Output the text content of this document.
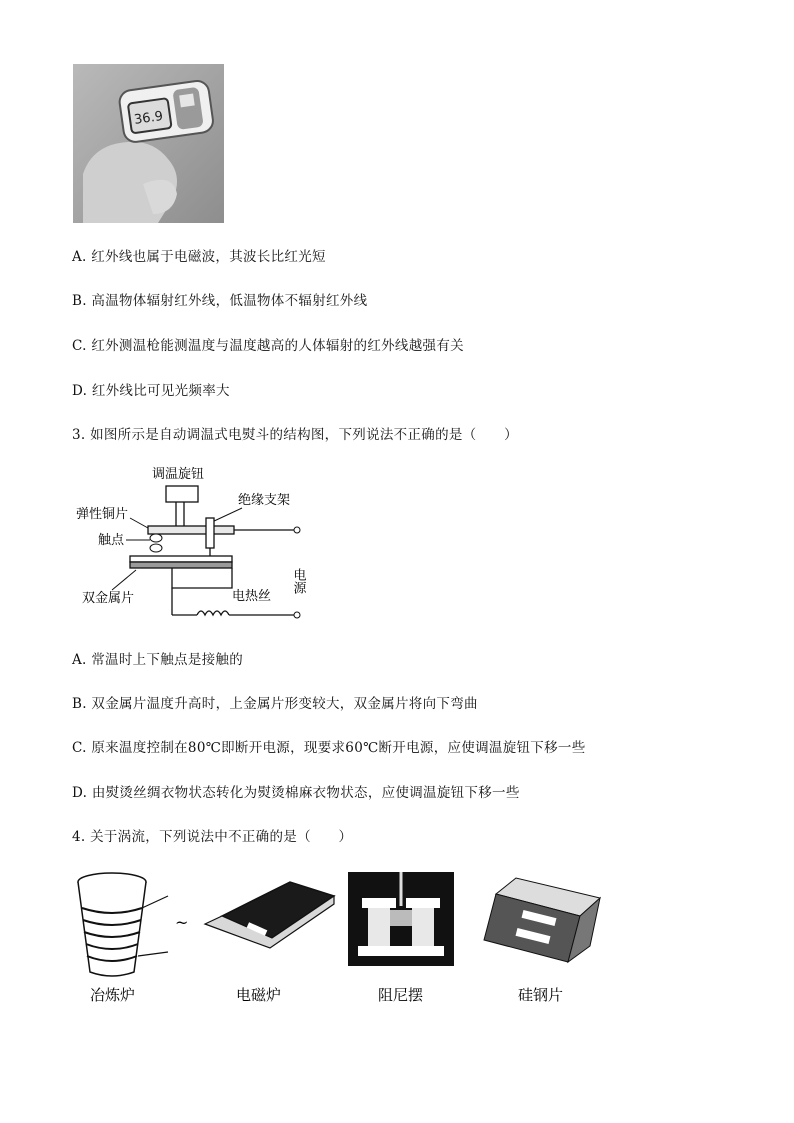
36.9
A. 红外线也属于电磁波，其波长比红光短
B. 高温物体辐射红外线，低温物体不辐射红外线
C. 红外测温枪能测温度与温度越高的人体辐射的红外线越强有关
D. 红外线比可见光频率大
3. 如图所示是自动调温式电熨斗的结构图，下列说法不正确的是（　　）
调温旋钮
绝缘支架
弹性铜片
触点
双金属片	电热丝
电源
A. 常温时上下触点是接触的
B. 双金属片温度升高时，上金属片形变较大，双金属片将向下弯曲
C. 原来温度控制在80℃即断开电源，现要求60℃断开电源，应使调温旋钮下移一些
D. 由熨烫丝绸衣物状态转化为熨烫棉麻衣物状态，应使调温旋钮下移一些
4. 关于涡流，下列说法中不正确的是（　　）
~
冶炼炉	电磁炉	阻尼摆	硅钢片
